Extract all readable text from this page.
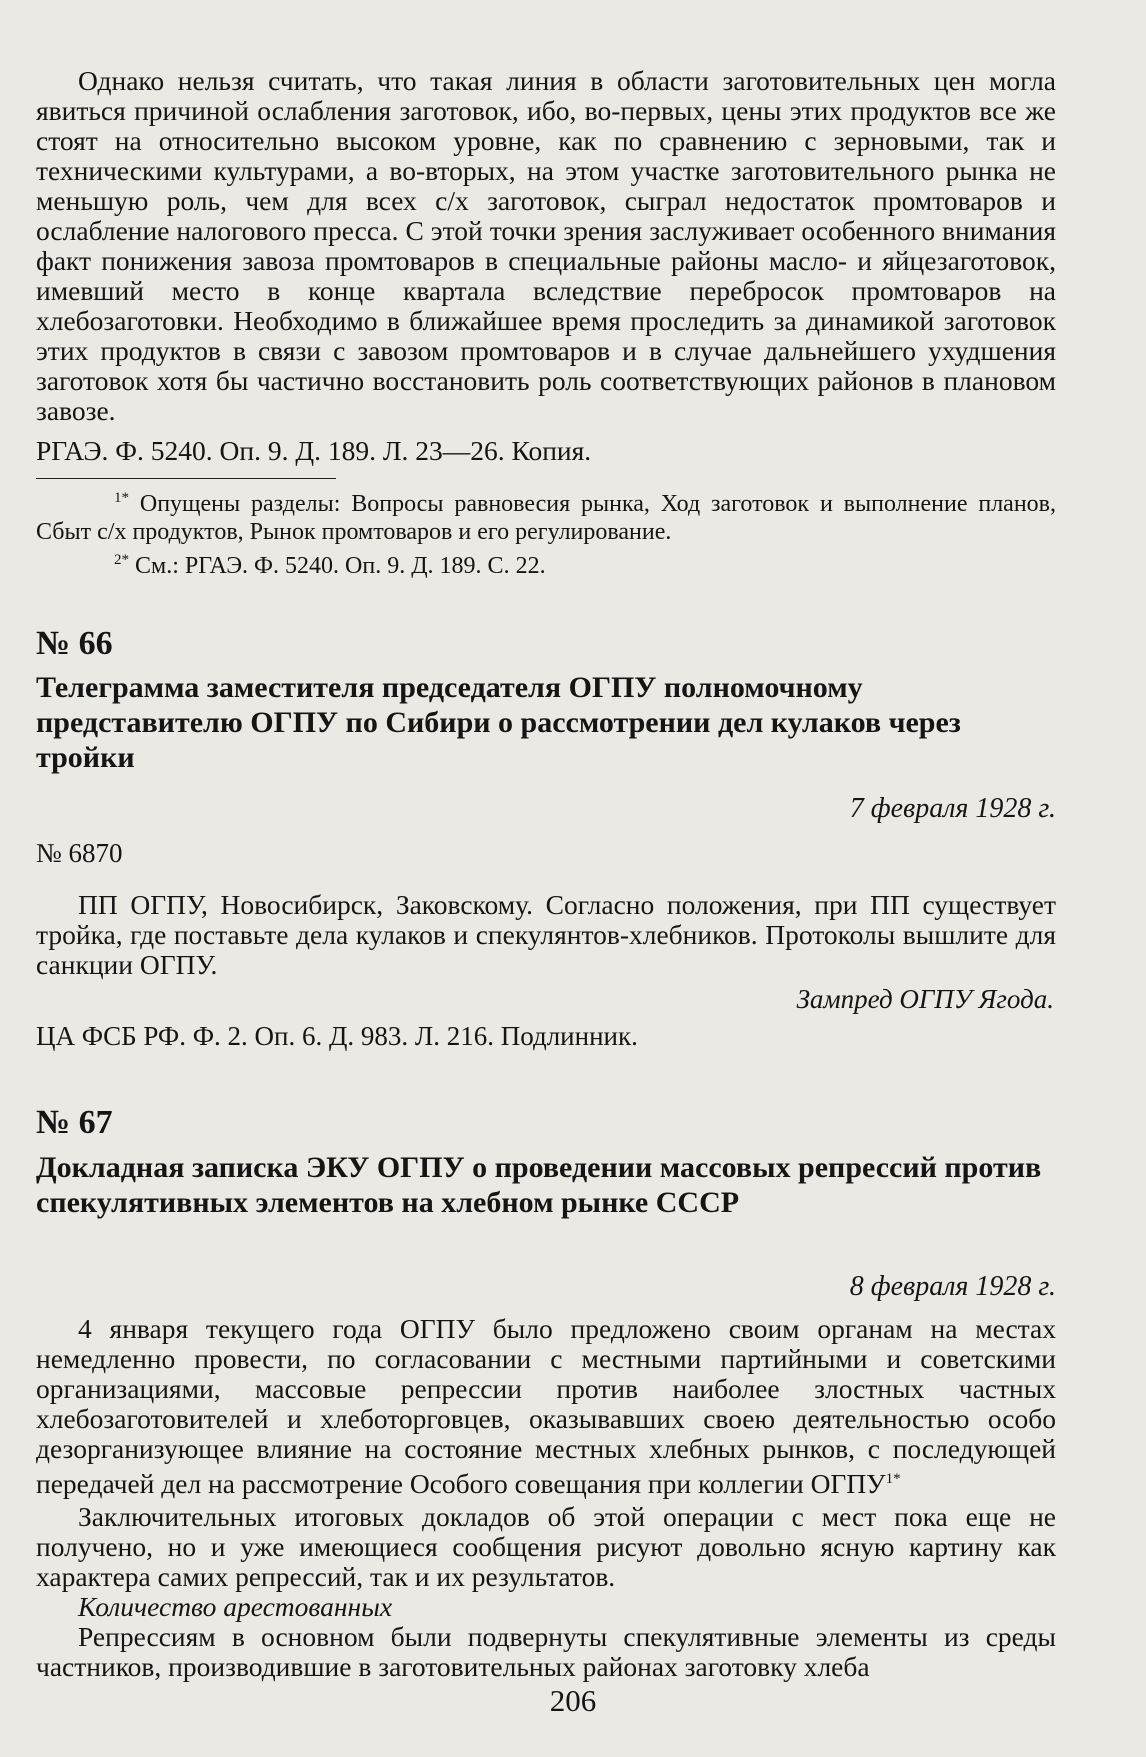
Однако нельзя считать, что такая линия в области заготовительных цен могла явиться причиной ослабления заготовок, ибо, во-первых, цены этих продуктов все же стоят на относительно высоком уровне, как по сравнению с зерновыми, так и техническими культурами, а во-вторых, на этом участке заготовительного рынка не меньшую роль, чем для всех с/х заготовок, сыграл недостаток промтоваров и ослабление налогового пресса. С этой точки зрения заслуживает особенного внимания факт понижения завоза промтоваров в специальные районы масло- и яйцезаготовок, имевший место в конце квартала вследствие перебросок промтоваров на хлебозаготовки. Необходимо в ближайшее время проследить за динамикой заготовок этих продуктов в связи с завозом промтоваров и в случае дальнейшего ухудшения заготовок хотя бы частично восстановить роль соответствующих районов в плановом завозе.

РГАЭ. Ф. 5240. Оп. 9. Д. 189. Л. 23—26. Копия.

$^{1*}$ Опущены разделы: Вопросы равновесия рынка, Ход заготовок и выполнение планов, Сбыт с/х продуктов, Рынок промтоваров и его регулирование.

$^{2*}$ См.: РГАЭ. Ф. 5240. Оп. 9. Д. 189. С. 22.

№ 66

Телеграмма заместителя председателя ОГПУ полномочному представителю ОГПУ по Сибири о рассмотрении дел кулаков через тройки

7 февраля 1928 г.
№ 6870

ПП ОГПУ, Новосибирск, Заковскому. Согласно положения, при ПП существует тройка, где поставьте дела кулаков и спекулянтов-хлебников. Протоколы вышлите для санкции ОГПУ.

Зампред ОГПУ Ягода.
ЦА ФСБ РФ. Ф. 2. Оп. 6. Д. 983. Л. 216. Подлинник.
№ 67

Докладная записка ЭКУ ОГПУ о проведении массовых репрессий против спекулятивных элементов на хлебном рынке СССР

8 февраля 1928 г.

4 января текущего года ОГПУ было предложено своим органам на местах немедленно провести, по согласовании с местными партийными и советскими организациями, массовые репрессии против наиболее злостных частных хлебозаготовителей и хлеботорговцев, оказывавших своею деятельностью особо дезорганизующее влияние на состояние местных хлебных рынков, с последующей передачей дел на рассмотрение Особого совещания при коллегии $ОГПУ^{1*}$

Заключительных итоговых докладов об этой операции с мест пока еще не получено, но и уже имеющиеся сообщения рисуют довольно ясную картину как характера самих репрессий, так и их результатов.

Количество арестованных

Репрессиям в основном были подвернуты спекулятивные элементы из среды частников, производившие в заготовительных районах заготовку хлеба

206
